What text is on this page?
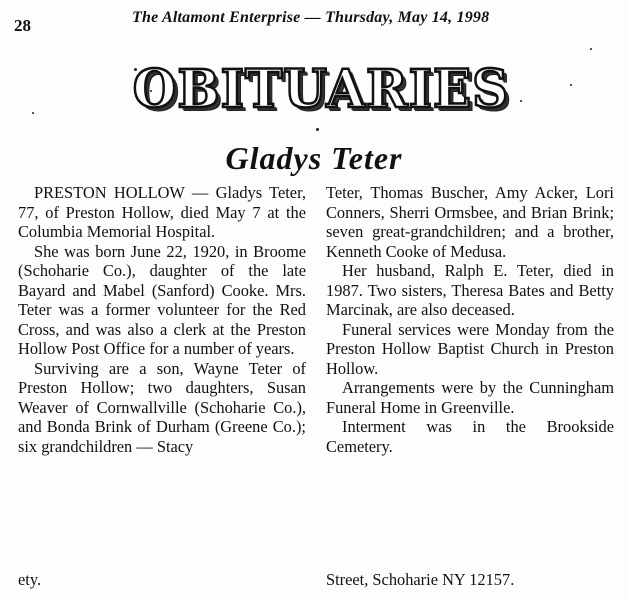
28	The Altamont Enterprise — Thursday, May 14, 1998
OBITUARIES
Gladys Teter

PRESTON HOLLOW — Gladys Teter, 77, of Preston Hollow, died May 7 at the Columbia Memorial Hospital.

She was born June 22, 1920, in Broome (Schoharie Co.), daughter of the late Bayard and Mabel (Sanford) Cooke. Mrs. Teter was a former volunteer for the Red Cross, and was also a clerk at the Preston Hollow Post Office for a number of years.

Surviving are a son, Wayne Teter of Preston Hollow; two daughters, Susan Weaver of Cornwallville (Schoharie Co.), and Bonda Brink of Durham (Greene Co.); six grandchildren — Stacy

Teter, Thomas Buscher, Amy Acker, Lori Conners, Sherri Ormsbee, and Brian Brink; seven great-grandchildren; and a brother, Kenneth Cooke of Medusa.

Her husband, Ralph E. Teter, died in 1987. Two sisters, Theresa Bates and Betty Marcinak, are also deceased.

Funeral services were Monday from the Preston Hollow Baptist Church in Preston Hollow.

Arrangements were by the Cunningham Funeral Home in Greenville.

Interment was in the Brookside Cemetery.

ety.	Street, Schoharie NY 12157.
